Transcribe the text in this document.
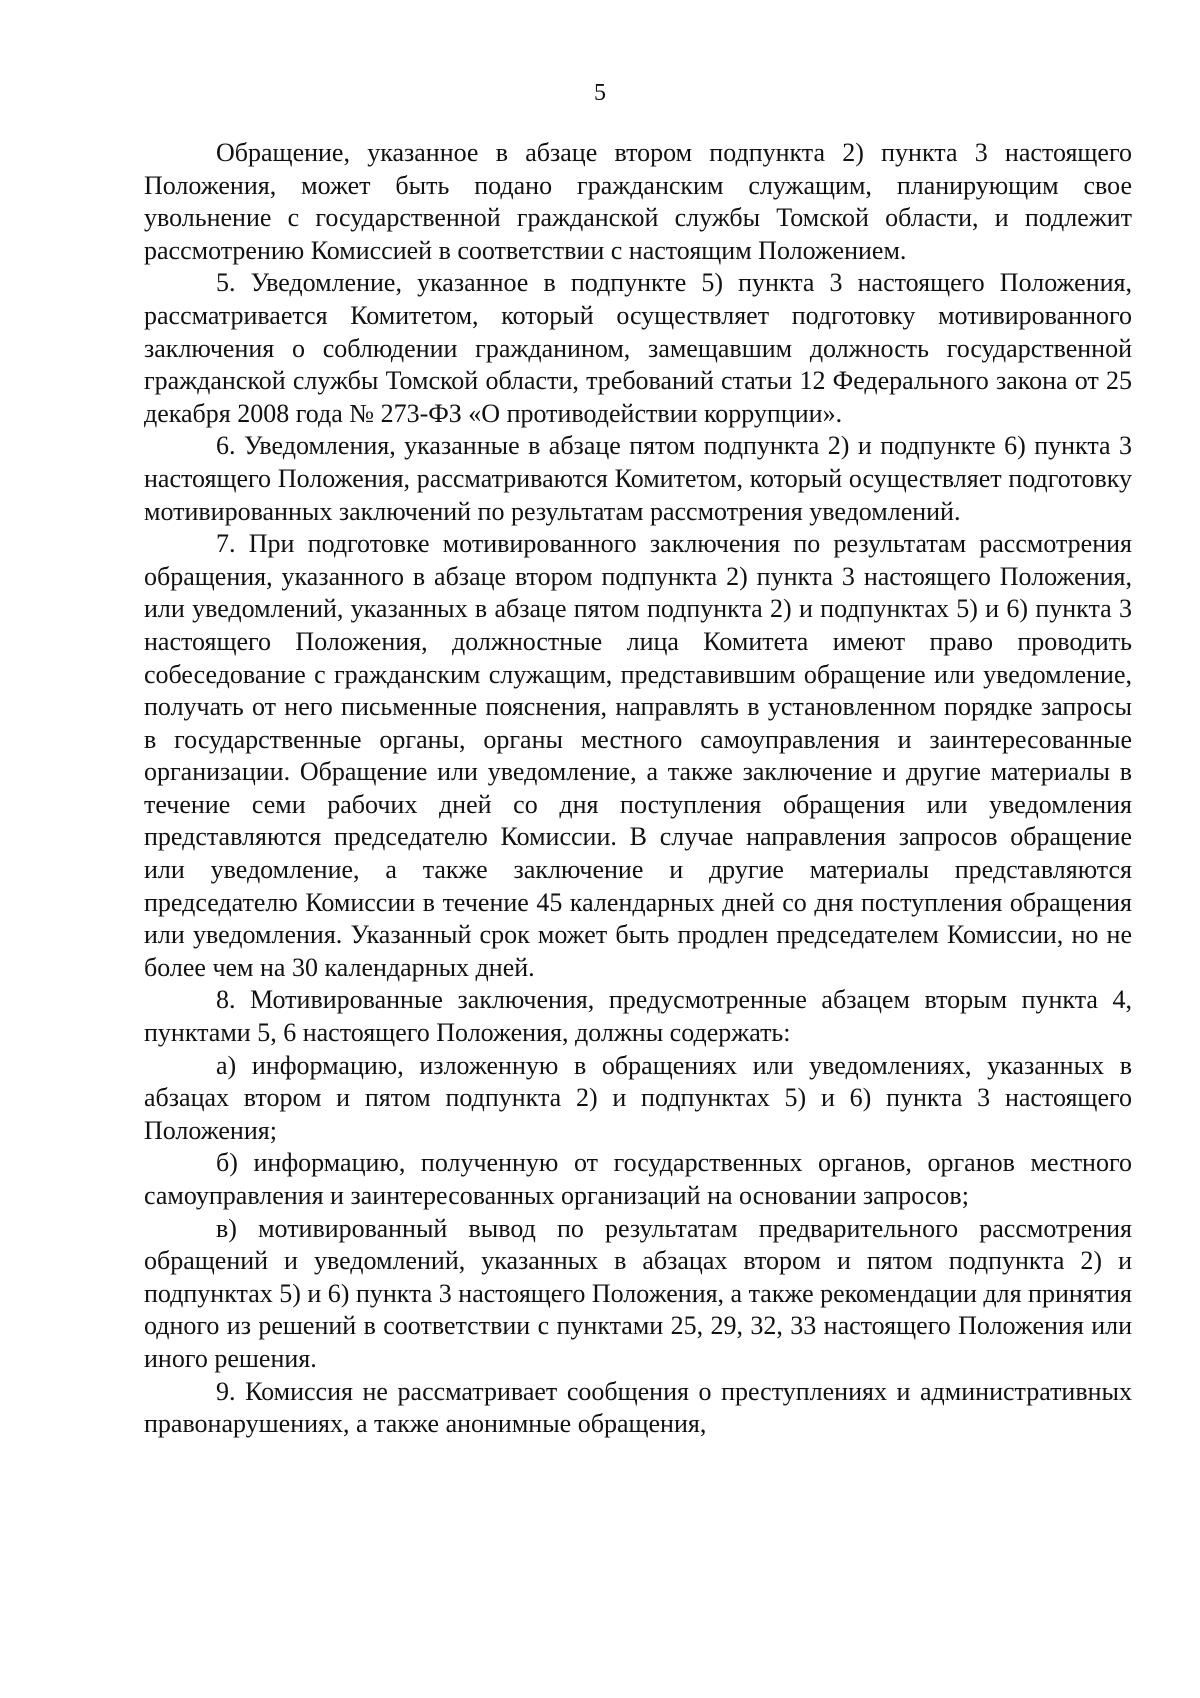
5

Обращение, указанное в абзаце втором подпункта 2) пункта 3 настоящего Положения, может быть подано гражданским служащим, планирующим свое увольнение с государственной гражданской службы Томской области, и подлежит рассмотрению Комиссией в соответствии с настоящим Положением.

5. Уведомление, указанное в подпункте 5) пункта 3 настоящего Положения, рассматривается Комитетом, который осуществляет подготовку мотивированного заключения о соблюдении гражданином, замещавшим должность государственной гражданской службы Томской области, требований статьи 12 Федерального закона от 25 декабря 2008 года № 273-ФЗ «О противодействии коррупции».

6. Уведомления, указанные в абзаце пятом подпункта 2) и подпункте 6) пункта 3 настоящего Положения, рассматриваются Комитетом, который осуществляет подготовку мотивированных заключений по результатам рассмотрения уведомлений.

7. При подготовке мотивированного заключения по результатам рассмотрения обращения, указанного в абзаце втором подпункта 2) пункта 3 настоящего Положения, или уведомлений, указанных в абзаце пятом подпункта 2) и подпунктах 5) и 6) пункта 3 настоящего Положения, должностные лица Комитета имеют право проводить собеседование с гражданским служащим, представившим обращение или уведомление, получать от него письменные пояснения, направлять в установленном порядке запросы в государственные органы, органы местного самоуправления и заинтересованные организации. Обращение или уведомление, а также заключение и другие материалы в течение семи рабочих дней со дня поступления обращения или уведомления представляются председателю Комиссии. В случае направления запросов обращение или уведомление, а также заключение и другие материалы представляются председателю Комиссии в течение 45 календарных дней со дня поступления обращения или уведомления. Указанный срок может быть продлен председателем Комиссии, но не более чем на 30 календарных дней.

8. Мотивированные заключения, предусмотренные абзацем вторым пункта 4, пунктами 5, 6 настоящего Положения, должны содержать:

а) информацию, изложенную в обращениях или уведомлениях, указанных в абзацах втором и пятом подпункта 2) и подпунктах 5) и 6) пункта 3 настоящего Положения;

б) информацию, полученную от государственных органов, органов местного самоуправления и заинтересованных организаций на основании запросов;

в) мотивированный вывод по результатам предварительного рассмотрения обращений и уведомлений, указанных в абзацах втором и пятом подпункта 2) и подпунктах 5) и 6) пункта 3 настоящего Положения, а также рекомендации для принятия одного из решений в соответствии с пунктами 25, 29, 32, 33 настоящего Положения или иного решения.

9. Комиссия не рассматривает сообщения о преступлениях и административных правонарушениях, а также анонимные обращения,
